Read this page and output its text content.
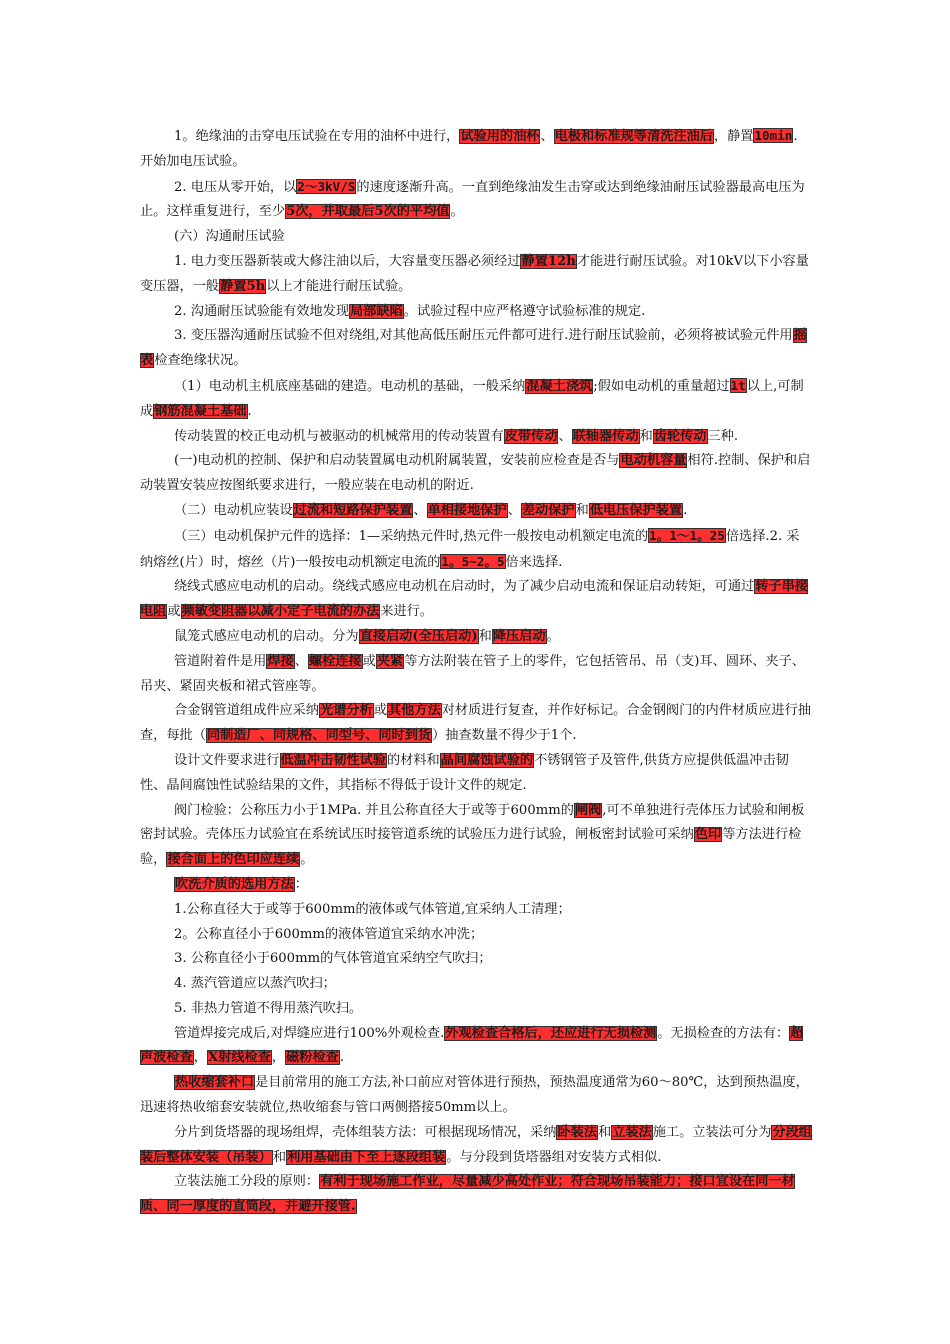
1。绝缘油的击穿电压试验在专用的油杯中进行，试验用的油杯、电极和标准规等清洗注油后，静置10min. 开始加电压试验。

2. 电压从零开始，以2～3kV/S的速度逐渐升高。一直到绝缘油发生击穿或达到绝缘油耐压试验器最高电压为止。这样重复进行，至少5次，并取最后5次的平均值。

(六）沟通耐压试验

1. 电力变压器新装或大修注油以后，大容量变压器必须经过静置12h才能进行耐压试验。对10kV以下小容量变压器，一般静置5h以上才能进行耐压试验。

2. 沟通耐压试验能有效地发现局部缺陷。试验过程中应严格遵守试验标准的规定.

3. 变压器沟通耐压试验不但对绕组,对其他高低压耐压元件都可进行.进行耐压试验前，必须将被试验元件用摇表检查绝缘状况。

（1）电动机主机底座基础的建造。电动机的基础，一般采纳混凝土浇筑;假如电动机的重量超过1t以上,可制成钢筋混凝土基础.

传动装置的校正电动机与被驱动的机械常用的传动装置有皮带传动、联轴器传动和齿轮传动三种.

(一)电动机的控制、保护和启动装置属电动机附属装置，安装前应检查是否与电动机容量相符.控制、保护和启动装置安装应按图纸要求进行，一般应装在电动机的附近.

（二）电动机应装设过流和短路保护装置、单相接地保护、差动保护和低电压保护装置.

（三）电动机保护元件的选择：1—采纳热元件时,热元件一般按电动机额定电流的1。1～1。25倍选择.2. 采纳熔丝(片）时，熔丝（片)一般按电动机额定电流的1。5~2。5倍来选择.

绕线式感应电动机的启动。绕线式感应电动机在启动时，为了减少启动电流和保证启动转矩，可通过转子串接电阻或频敏变阻器以减小定子电流的办法来进行。

鼠笼式感应电动机的启动。分为直接启动(全压启动)和降压启动。

管道附着件是用焊接、螺栓连接或夹紧等方法附装在管子上的零件，它包括管吊、吊（支)耳、圆环、夹子、吊夹、紧固夹板和裙式管座等。

合金钢管道组成件应采纳光谱分析或其他方法对材质进行复查，并作好标记。合金钢阀门的内件材质应进行抽查，每批（同制造厂、同规格、同型号、同时到货）抽查数量不得少于1个.

设计文件要求进行低温冲击韧性试验的材料和晶间腐蚀试验的不锈钢管子及管件,供货方应提供低温冲击韧性、晶间腐蚀性试验结果的文件，其指标不得低于设计文件的规定.

阀门检验：公称压力小于1MPa. 并且公称直径大于或等于600mm的闸阀,可不单独进行壳体压力试验和闸板密封试验。壳体压力试验宜在系统试压时接管道系统的试验压力进行试验，闸板密封试验可采纳色印等方法进行检验，接合面上的色印应连续。

吹洗介质的选用方法：

1.公称直径大于或等于600mm的液体或气体管道,宜采纳人工清理；

2。公称直径小于600mm的液体管道宜采纳水冲洗；

3. 公称直径小于600mm的气体管道宜采纳空气吹扫；

4. 蒸汽管道应以蒸汽吹扫；

5. 非热力管道不得用蒸汽吹扫。

管道焊接完成后,对焊缝应进行100%外观检查.外观检查合格后，还应进行无损检测。无损检查的方法有：超声波检查，X射线检查，磁粉检查.

热收缩套补口是目前常用的施工方法,补口前应对管体进行预热，预热温度通常为60～80℃，达到预热温度，迅速将热收缩套安装就位,热收缩套与管口两侧搭接50mm以上。

分片到货塔器的现场组焊，壳体组装方法：可根据现场情况，采纳卧装法和立装法施工。立装法可分为分段组装后整体安装（吊装）和利用基础由下至上逐段组装。与分段到货塔器组对安装方式相似.

立装法施工分段的原则：有利于现场施工作业，尽量减少高处作业；符合现场吊装能力；接口宜设在同一材质、同一厚度的直筒段，并避开接管.
